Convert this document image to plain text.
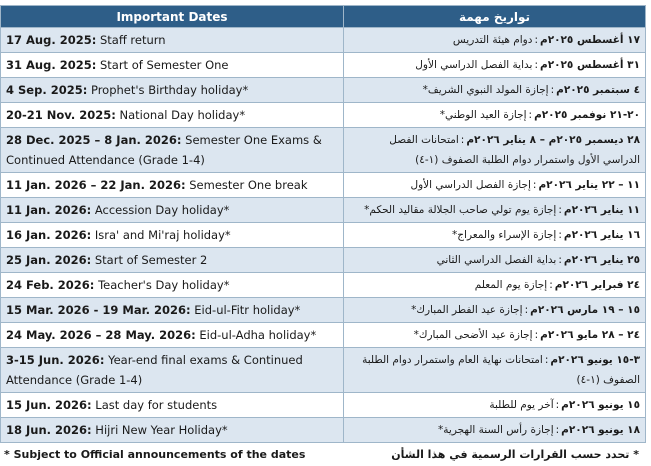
Important Dates	تواريخ مهمة
17 Aug. 2025: Staff return	١٧ أغسطس ٢٠٢٥م:دوام هيئة التدريس
31 Aug. 2025: Start of Semester One	٣١ أغسطس ٢٠٢٥م:بداية الفصل الدراسي الأول
4 Sep. 2025: Prophet's Birthday holiday*	٤ سبتمبر ٢٠٢٥م:إجازة المولد النبوي الشريف*
20-21 Nov. 2025: National Day holiday*	٢٠-٢١ نوفمبر ٢٠٢٥م:إجازة العيد الوطني*
28 Dec. 2025 – 8 Jan. 2026: Semester One Exams & Continued Attendance (Grade 1-4)	٢٨ ديسمبر ٢٠٢٥م – ٨ يناير ٢٠٢٦م:امتحانات الفصل الدراسي الأول واستمرار دوام الطلبة الصفوف (١-٤)
11 Jan. 2026 – 22 Jan. 2026: Semester One break	١١ – ٢٢ يناير ٢٠٢٦م:إجازة الفصل الدراسي الأول
11 Jan. 2026: Accession Day holiday*	١١ يناير ٢٠٢٦م:إجازة يوم تولي صاحب الجلالة مقاليد الحكم*
16 Jan. 2026: Isra' and Mi'raj holiday*	١٦ يناير ٢٠٢٦م:إجازة الإسراء والمعراج*
25 Jan. 2026: Start of Semester 2	٢٥ يناير ٢٠٢٦م:بداية الفصل الدراسي الثاني
24 Feb. 2026: Teacher's Day holiday*	٢٤ فبراير ٢٠٢٦م:إجازة يوم المعلم
15 Mar. 2026 - 19 Mar. 2026: Eid-ul-Fitr holiday*	١٥ – ١٩ مارس ٢٠٢٦م:إجازة عيد الفطر المبارك*
24 May. 2026 – 28 May. 2026: Eid-ul-Adha holiday*	٢٤ – ٢٨ مايو ٢٠٢٦م:إجازة عيد الأضحى المبارك*
3-15 Jun. 2026: Year-end final exams & Continued Attendance (Grade 1-4)	٣-١٥ يونيو ٢٠٢٦م:امتحانات نهاية العام واستمرار دوام الطلبة الصفوف (١-٤)
15 Jun. 2026: Last day for students	١٥ يونيو ٢٠٢٦م:آخر يوم للطلبة
18 Jun. 2026: Hijri New Year Holiday*	١٨ يونيو ٢٠٢٦م:إجازة رأس السنة الهجرية*
* Subject to Official announcements of the dates	* تحدد حسب القرارات الرسمية في هذا الشأن
